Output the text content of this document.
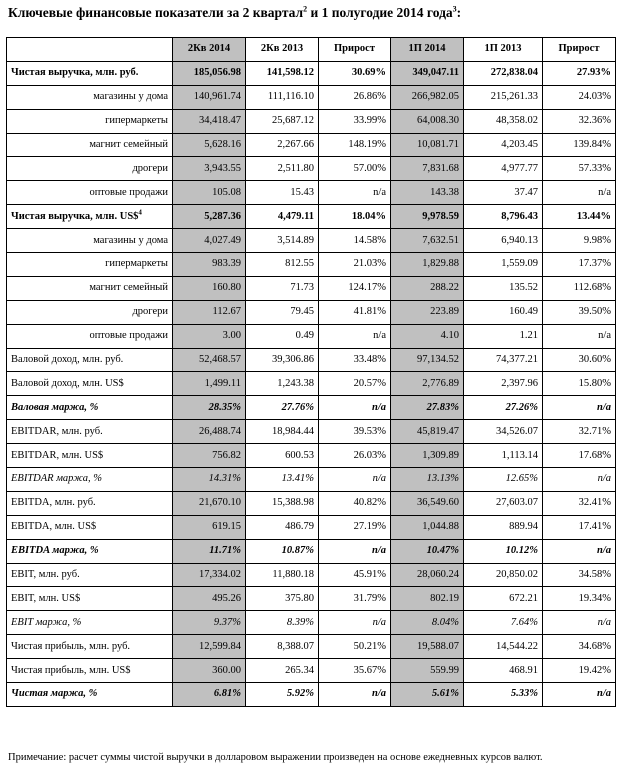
Ключевые финансовые показатели за 2 квартал$^2$ и 1 полугодие 2014 года$^3$:
	2Кв 2014	2Кв 2013	Прирост	1П 2014	1П 2013	Прирост
Чистая выручка, млн. руб.	185,056.98	141,598.12	30.69%	349,047.11	272,838.04	27.93%
магазины у дома	140,961.74	111,116.10	26.86%	266,982.05	215,261.33	24.03%
гипермаркеты	34,418.47	25,687.12	33.99%	64,008.30	48,358.02	32.36%
магнит семейный	5,628.16	2,267.66	148.19%	10,081.71	4,203.45	139.84%
дрогери	3,943.55	2,511.80	57.00%	7,831.68	4,977.77	57.33%
оптовые продажи	105.08	15.43	n/a	143.38	37.47	n/a
Чистая выручка, млн. US\$$^4$	5,287.36	4,479.11	18.04%	9,978.59	8,796.43	13.44%
магазины у дома	4,027.49	3,514.89	14.58%	7,632.51	6,940.13	9.98%
гипермаркеты	983.39	812.55	21.03%	1,829.88	1,559.09	17.37%
магнит семейный	160.80	71.73	124.17%	288.22	135.52	112.68%
дрогери	112.67	79.45	41.81%	223.89	160.49	39.50%
оптовые продажи	3.00	0.49	n/a	4.10	1.21	n/a
Валовой доход, млн. руб.	52,468.57	39,306.86	33.48%	97,134.52	74,377.21	30.60%
Валовой доход, млн. US$	1,499.11	1,243.38	20.57%	2,776.89	2,397.96	15.80%
Валовая маржа, %	28.35%	27.76%	n/a	27.83%	27.26%	n/a
EBITDAR, млн. руб.	26,488.74	18,984.44	39.53%	45,819.47	34,526.07	32.71%
EBITDAR, млн. US$	756.82	600.53	26.03%	1,309.89	1,113.14	17.68%
EBITDAR маржа, %	14.31%	13.41%	n/a	13.13%	12.65%	n/a
EBITDA, млн. руб.	21,670.10	15,388.98	40.82%	36,549.60	27,603.07	32.41%
EBITDA, млн. US$	619.15	486.79	27.19%	1,044.88	889.94	17.41%
EBITDA маржа, %	11.71%	10.87%	n/a	10.47%	10.12%	n/a
EBIT, млн. руб.	17,334.02	11,880.18	45.91%	28,060.24	20,850.02	34.58%
EBIT, млн. US$	495.26	375.80	31.79%	802.19	672.21	19.34%
EBIT маржа, %	9.37%	8.39%	n/a	8.04%	7.64%	n/a
Чистая прибыль, млн. руб.	12,599.84	8,388.07	50.21%	19,588.07	14,544.22	34.68%
Чистая прибыль, млн. US$	360.00	265.34	35.67%	559.99	468.91	19.42%
Чистая маржа, %	6.81%	5.92%	n/a	5.61%	5.33%	n/a
Примечание: расчет суммы чистой выручки в долларовом выражении произведен на основе ежедневных курсов валют.
